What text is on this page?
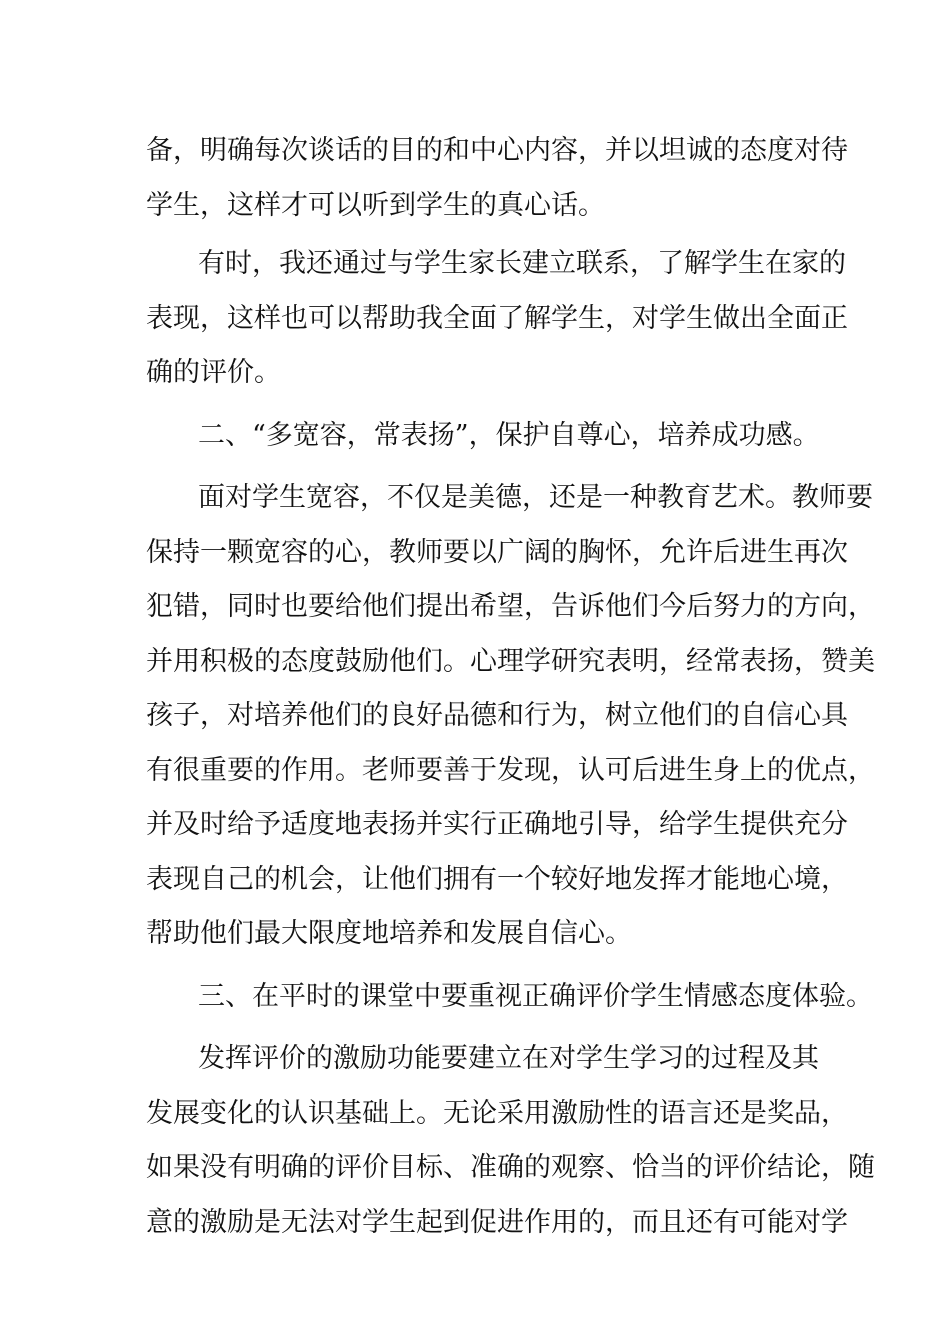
备，明确每次谈话的目的和中心内容，并以坦诚的态度对待
学生，这样才可以听到学生的真心话。

有时，我还通过与学生家长建立联系，了解学生在家的
表现，这样也可以帮助我全面了解学生，对学生做出全面正
确的评价。

二、“多宽容，常表扬”，保护自尊心，培养成功感。

面对学生宽容，不仅是美德，还是一种教育艺术。教师要
保持一颗宽容的心，教师要以广阔的胸怀，允许后进生再次
犯错，同时也要给他们提出希望，告诉他们今后努力的方向，
并用积极的态度鼓励他们。心理学研究表明，经常表扬，赞美
孩子，对培养他们的良好品德和行为，树立他们的自信心具
有很重要的作用。老师要善于发现，认可后进生身上的优点，
并及时给予适度地表扬并实行正确地引导，给学生提供充分
表现自己的机会，让他们拥有一个较好地发挥才能地心境，
帮助他们最大限度地培养和发展自信心。

三、在平时的课堂中要重视正确评价学生情感态度体验。

发挥评价的激励功能要建立在对学生学习的过程及其
发展变化的认识基础上。无论采用激励性的语言还是奖品，
如果没有明确的评价目标、准确的观察、恰当的评价结论，随
意的激励是无法对学生起到促进作用的，而且还有可能对学
